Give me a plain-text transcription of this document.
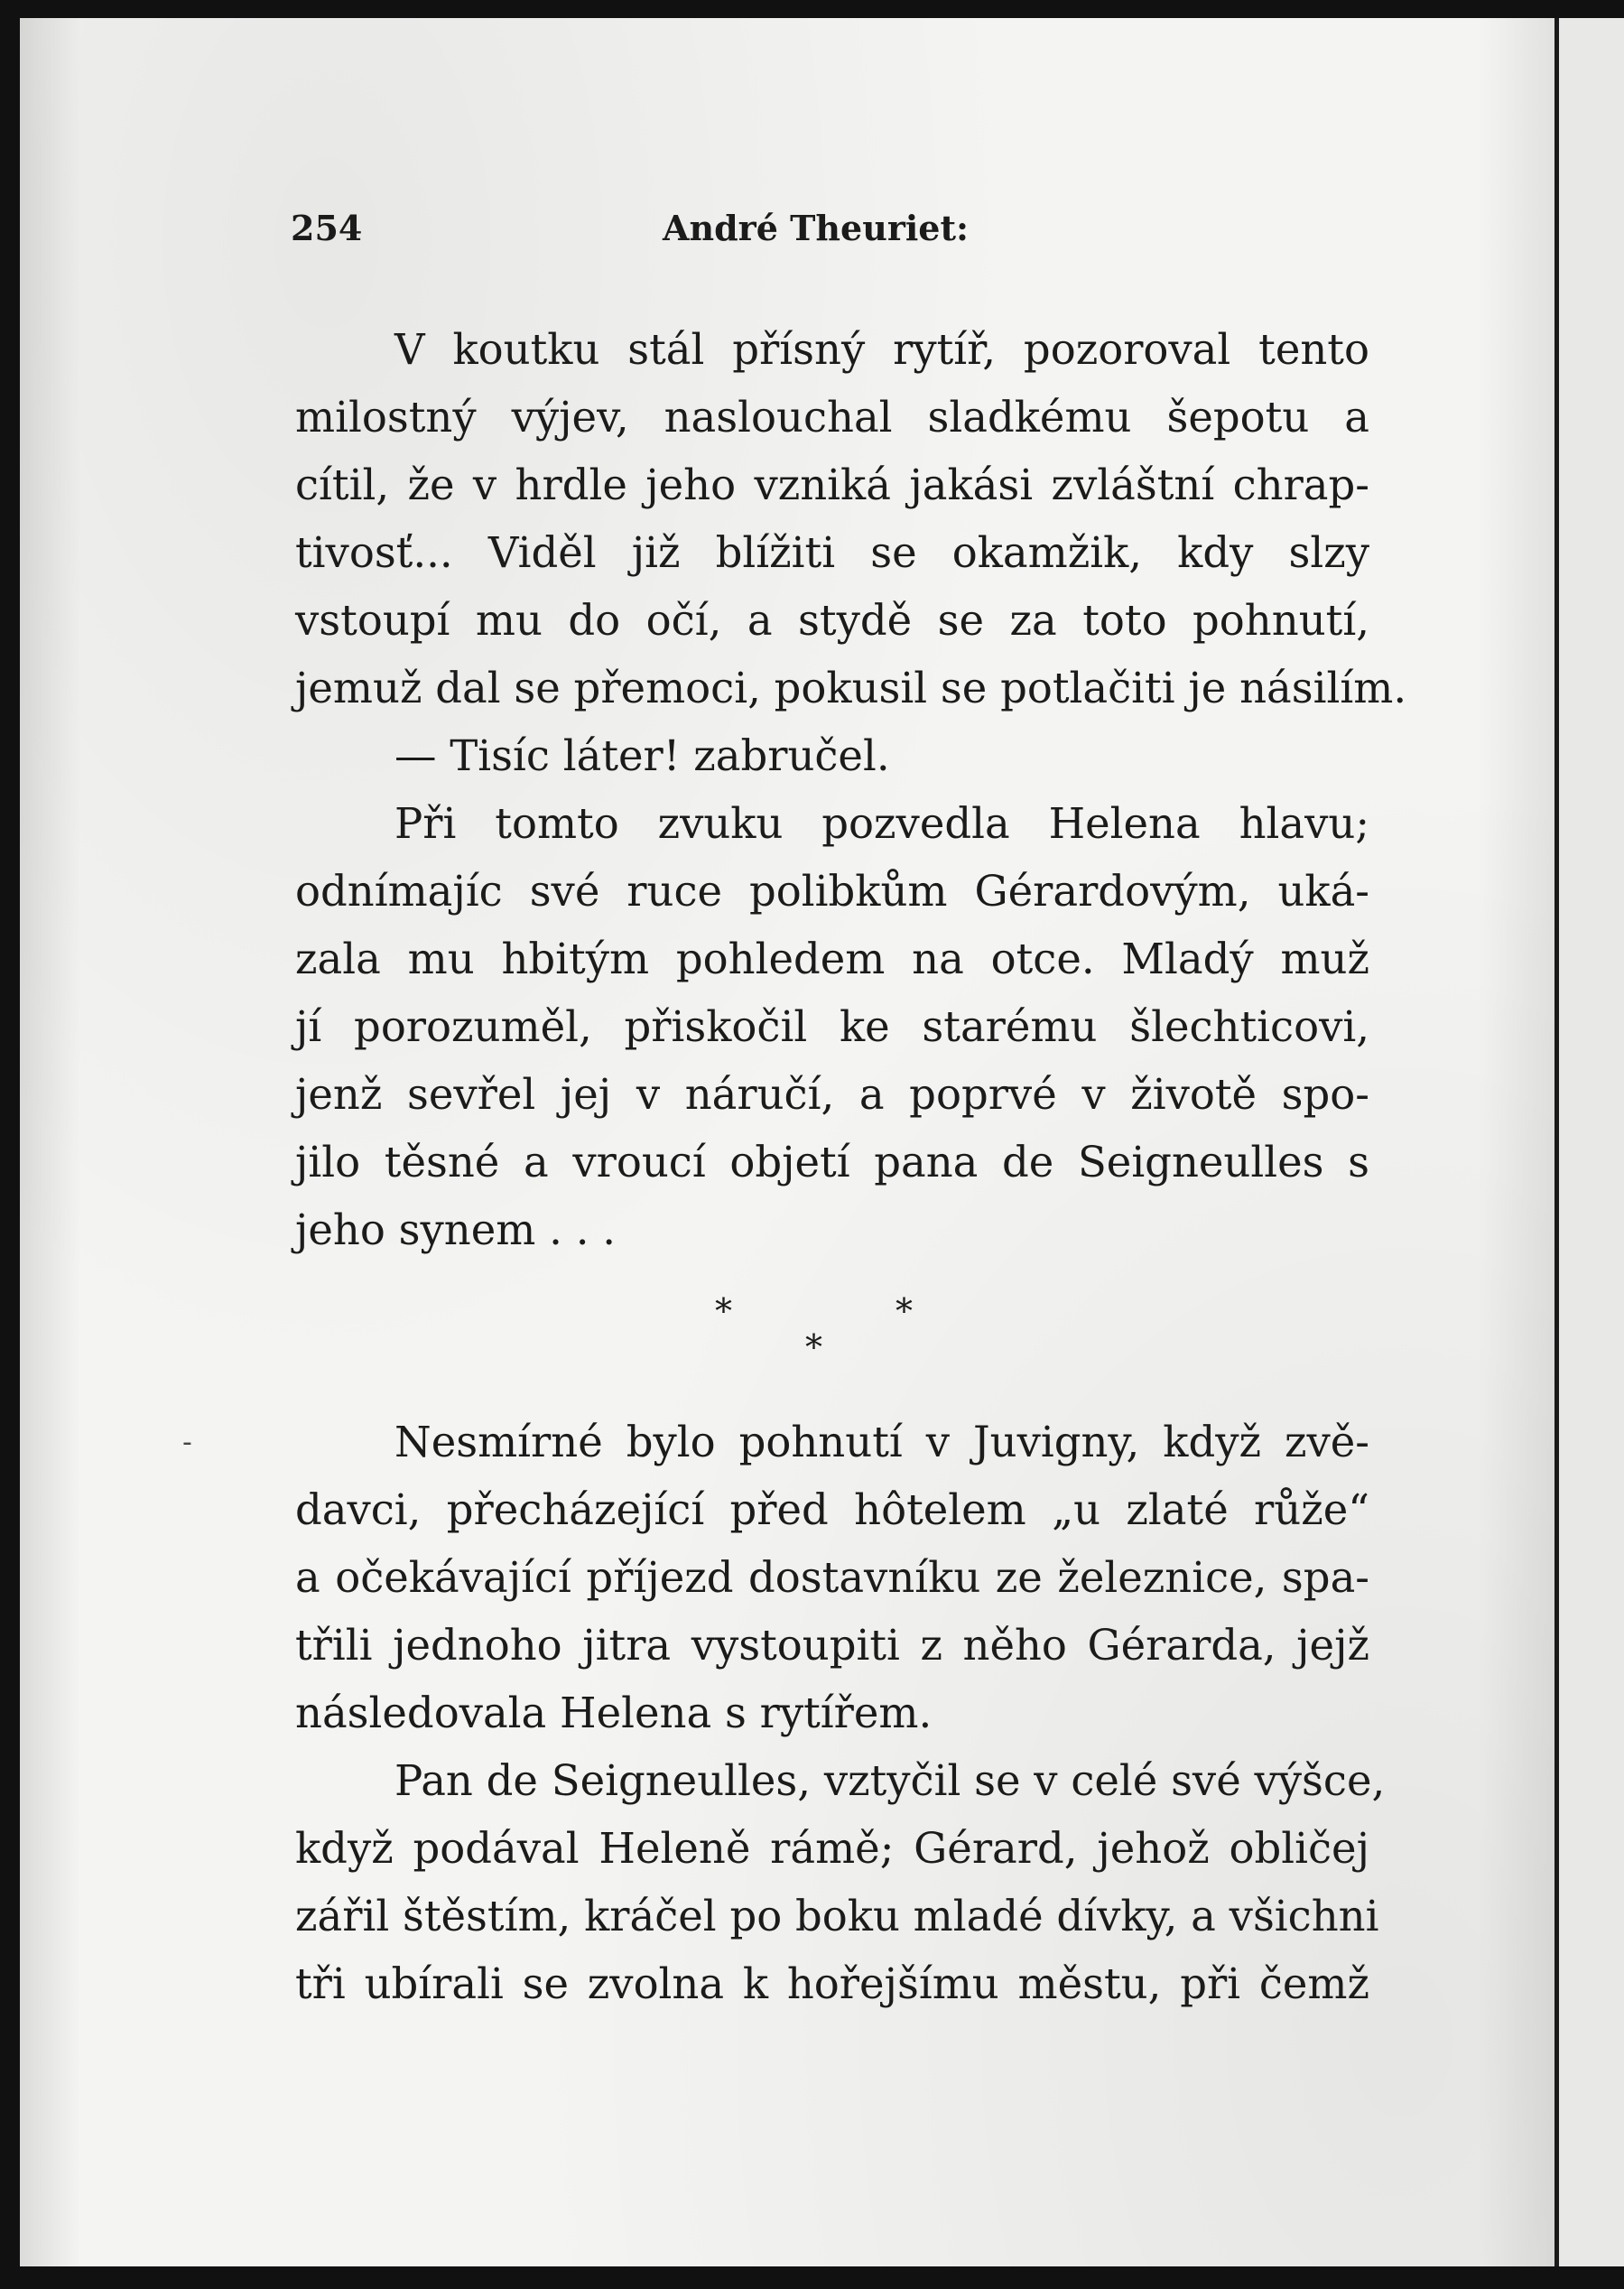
254	André Theuriet:
V koutku stál přísný rytíř, pozoroval tento
milostný výjev, naslouchal sladkému šepotu a
cítil, že v hrdle jeho vzniká jakási zvláštní chrap-
tivosť... Viděl již blížiti se okamžik, kdy slzy
vstoupí mu do očí, a stydě se za toto pohnutí,
jemuž dal se přemoci, pokusil se potlačiti je násilím.
— Tisíc láter! zabručel.
Při tomto zvuku pozvedla Helena hlavu;
odnímajíc své ruce polibkům Gérardovým, uká-
zala mu hbitým pohledem na otce. Mladý muž
jí porozuměl, přiskočil ke starému šlechticovi,
jenž sevřel jej v náručí, a poprvé v životě spo-
jilo těsné a vroucí objetí pana de Seigneulles s
jeho synem . . .
*	*
*
-	Nesmírné bylo pohnutí v Juvigny, když zvě-
davci, přecházející před hôtelem „u zlaté růže“
a očekávající příjezd dostavníku ze železnice, spa-
třili jednoho jitra vystoupiti z něho Gérarda, jejž
následovala Helena s rytířem.
Pan de Seigneulles, vztyčil se v celé své výšce,
když podával Heleně rámě; Gérard, jehož obličej
zářil štěstím, kráčel po boku mladé dívky, a všichni
tři ubírali se zvolna k hořejšímu městu, při čemž
